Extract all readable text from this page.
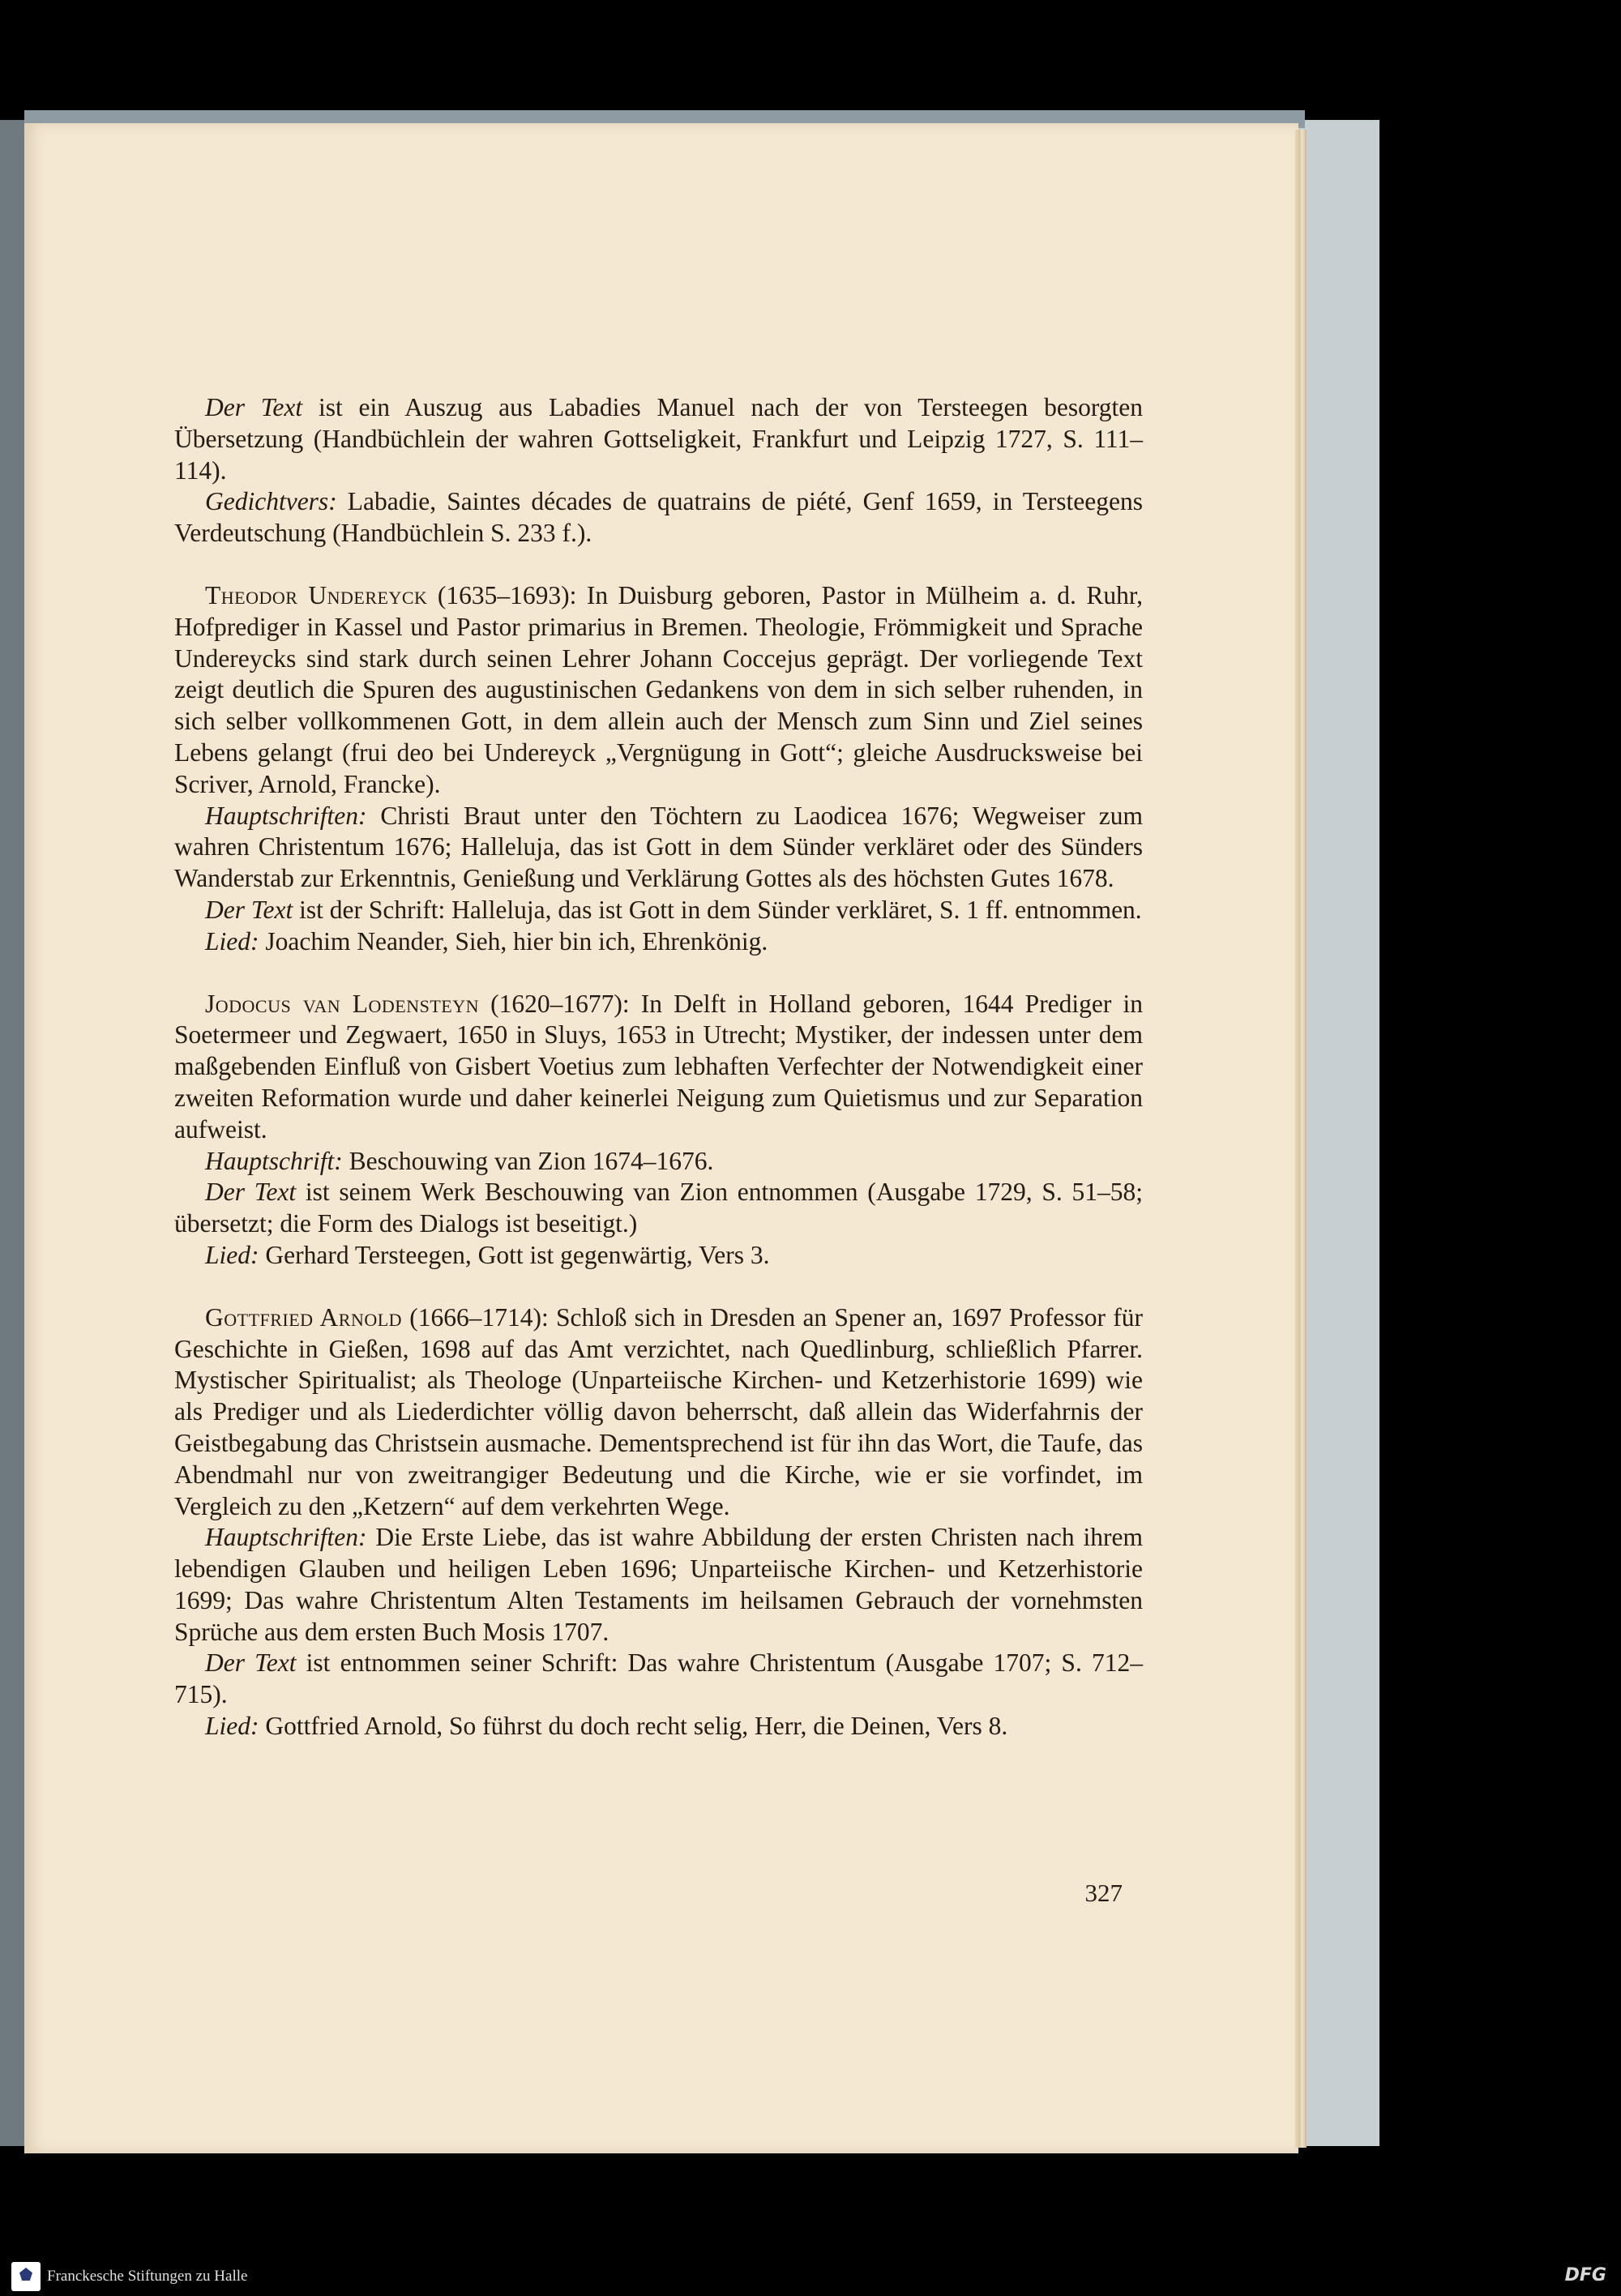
Der Text ist ein Auszug aus Labadies Manuel nach der von Tersteegen besorgten Übersetzung (Handbüchlein der wahren Gottseligkeit, Frankfurt und Leipzig 1727, S. 111–114).

Gedichtvers: Labadie, Saintes décades de quatrains de piété, Genf 1659, in Tersteegens Verdeutschung (Handbüchlein S. 233 f.).

Theodor Undereyck (1635–1693): In Duisburg geboren, Pastor in Mülheim a. d. Ruhr, Hofprediger in Kassel und Pastor primarius in Bremen. Theologie, Frömmigkeit und Sprache Undereycks sind stark durch seinen Lehrer Johann Coccejus geprägt. Der vorliegende Text zeigt deutlich die Spuren des augustinischen Gedankens von dem in sich selber ruhenden, in sich selber vollkommenen Gott, in dem allein auch der Mensch zum Sinn und Ziel seines Lebens gelangt (frui deo bei Undereyck „Vergnügung in Gott“; gleiche Ausdrucksweise bei Scriver, Arnold, Francke).

Hauptschriften: Christi Braut unter den Töchtern zu Laodicea 1676; Wegweiser zum wahren Christentum 1676; Halleluja, das ist Gott in dem Sünder verkläret oder des Sünders Wanderstab zur Erkenntnis, Genießung und Verklärung Gottes als des höchsten Gutes 1678.

Der Text ist der Schrift: Halleluja, das ist Gott in dem Sünder verkläret, S. 1 ff. entnommen.

Lied: Joachim Neander, Sieh, hier bin ich, Ehrenkönig.

Jodocus van Lodensteyn (1620–1677): In Delft in Holland geboren, 1644 Prediger in Soetermeer und Zegwaert, 1650 in Sluys, 1653 in Utrecht; Mystiker, der indessen unter dem maßgebenden Einfluß von Gisbert Voetius zum lebhaften Verfechter der Notwendigkeit einer zweiten Reformation wurde und daher keinerlei Neigung zum Quietismus und zur Separation aufweist.

Hauptschrift: Beschouwing van Zion 1674–1676.

Der Text ist seinem Werk Beschouwing van Zion entnommen (Ausgabe 1729, S. 51–58; übersetzt; die Form des Dialogs ist beseitigt.)

Lied: Gerhard Tersteegen, Gott ist gegenwärtig, Vers 3.

Gottfried Arnold (1666–1714): Schloß sich in Dresden an Spener an, 1697 Professor für Geschichte in Gießen, 1698 auf das Amt verzichtet, nach Quedlinburg, schließlich Pfarrer. Mystischer Spiritualist; als Theologe (Unparteiische Kirchen- und Ketzerhistorie 1699) wie als Prediger und als Liederdichter völlig davon beherrscht, daß allein das Widerfahrnis der Geistbegabung das Christsein ausmache. Dementsprechend ist für ihn das Wort, die Taufe, das Abendmahl nur von zweitrangiger Bedeutung und die Kirche, wie er sie vorfindet, im Vergleich zu den „Ketzern“ auf dem verkehrten Wege.

Hauptschriften: Die Erste Liebe, das ist wahre Abbildung der ersten Christen nach ihrem lebendigen Glauben und heiligen Leben 1696; Unparteiische Kirchen- und Ketzerhistorie 1699; Das wahre Christentum Alten Testaments im heilsamen Gebrauch der vornehmsten Sprüche aus dem ersten Buch Mosis 1707.

Der Text ist entnommen seiner Schrift: Das wahre Christentum (Ausgabe 1707; S. 712–715).

Lied: Gottfried Arnold, So führst du doch recht selig, Herr, die Deinen, Vers 8.

327
Franckesche Stiftungen zu Halle	DFG
